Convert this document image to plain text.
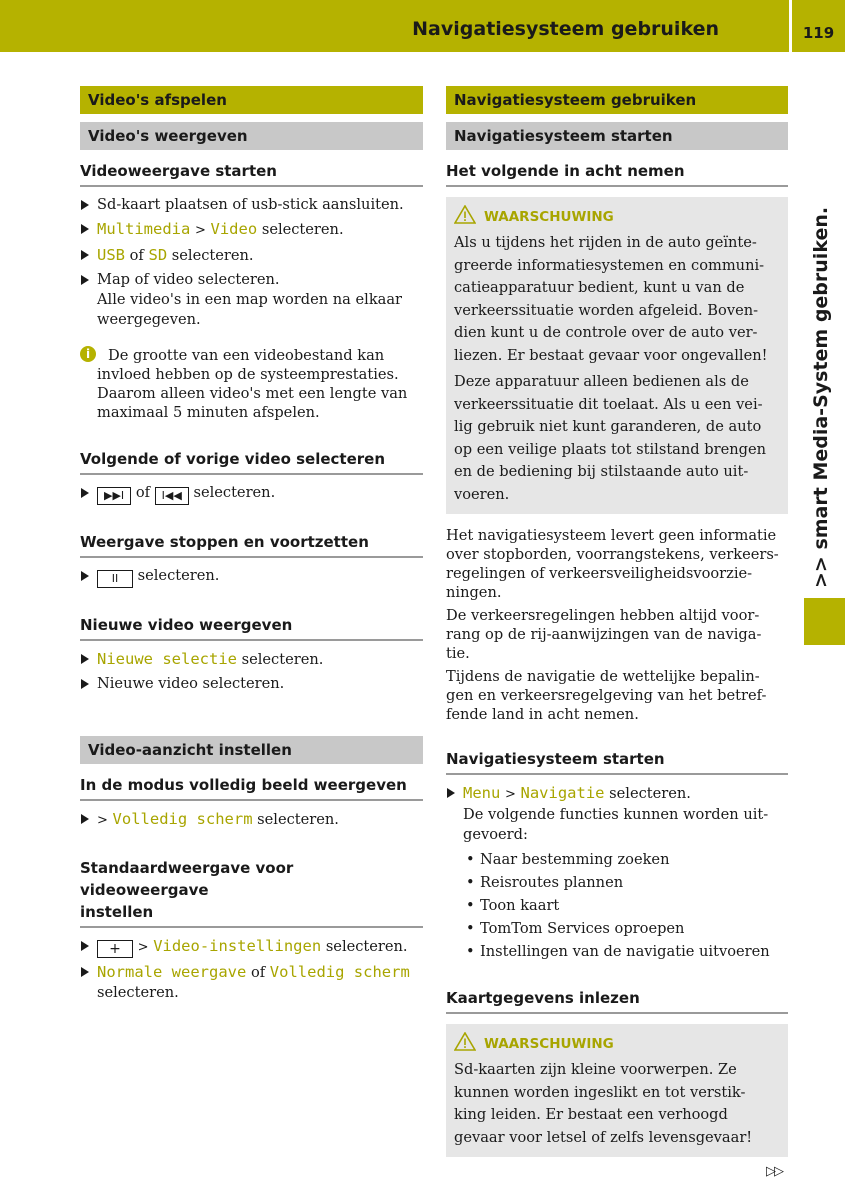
Navigatiesysteem gebruiken	119
>> smart Media-System gebruiken.
Video's afspelen
Video's weergeven
Videoweergave starten
Sd-kaart plaatsen of usb-stick aansluiten.
Multimedia > Video selecteren.
USB of SD selecteren.
Map of video selecteren.
Alle video's in een map worden na elkaar
weergegeven.
i	De grootte van een videobestand kan
invloed hebben op de systeemprestaties.
Daarom alleen video's met een lengte van
maximaal 5 minuten afspelen.
Volgende of vorige video selecteren
▶▶I of I◀◀ selecteren.
Weergave stoppen en voortzetten
II selecteren.
Nieuwe video weergeven
Nieuwe selectie selecteren.
Nieuwe video selecteren.
Video-aanzicht instellen
In de modus volledig beeld weergeven
> Volledig scherm selecteren.
Standaardweergave voor videoweergave
instellen
+ > Video-instellingen selecteren.
Normale weergave of Volledig scherm
selecteren.
Navigatiesysteem gebruiken
Navigatiesysteem starten
Het volgende in acht nemen
WAARSCHUWING
Als u tijdens het rijden in de auto geïnte-
greerde informatiesystemen en communi-
catieapparatuur bedient, kunt u van de
verkeerssituatie worden afgeleid. Boven-
dien kunt u de controle over de auto ver-
liezen. Er bestaat gevaar voor ongevallen!
Deze apparatuur alleen bedienen als de
verkeerssituatie dit toelaat. Als u een vei-
lig gebruik niet kunt garanderen, de auto
op een veilige plaats tot stilstand brengen
en de bediening bij stilstaande auto uit-
voeren.
Het navigatiesysteem levert geen informatie
over stopborden, voorrangstekens, verkeers-
regelingen of verkeersveiligheidsvoorzie-
ningen.
De verkeersregelingen hebben altijd voor-
rang op de rij-aanwijzingen van de naviga-
tie.
Tijdens de navigatie de wettelijke bepalin-
gen en verkeersregelgeving van het betref-
fende land in acht nemen.
Navigatiesysteem starten
Menu > Navigatie selecteren.
De volgende functies kunnen worden uit-
gevoerd:
• Naar bestemming zoeken
• Reisroutes plannen
• Toon kaart
• TomTom Services oproepen
• Instellingen van de navigatie uitvoeren
Kaartgegevens inlezen
WAARSCHUWING
Sd-kaarten zijn kleine voorwerpen. Ze
kunnen worden ingeslikt en tot verstik-
king leiden. Er bestaat een verhoogd
gevaar voor letsel of zelfs levensgevaar!
▷▷
